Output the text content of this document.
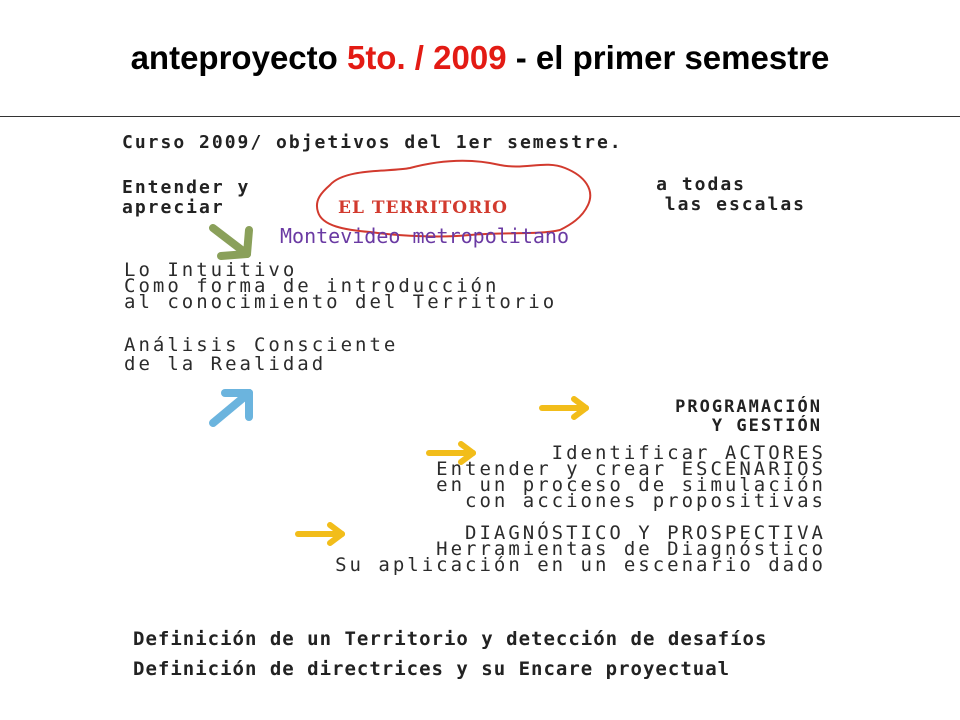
anteproyecto 5to. / 2009 - el primer semestre
Curso 2009/ objetivos del 1er semestre.
Entender y
apreciar	EL TERRITORIO
a todas
las escalas
Montevideo metropolitano
Lo Intuitivo
Como forma de introducción
al conocimiento del Territorio
Análisis Consciente
de la Realidad
PROGRAMACIÓN
Y GESTIÓN
Identificar ACTORES
Entender y crear ESCENARIOS
en un proceso de simulación
con acciones propositivas
DIAGNÓSTICO Y PROSPECTIVA
Herramientas de Diagnóstico
Su aplicación en un escenario dado
Definición de un Territorio y detección de desafíos
Definición de directrices y su Encare proyectual
